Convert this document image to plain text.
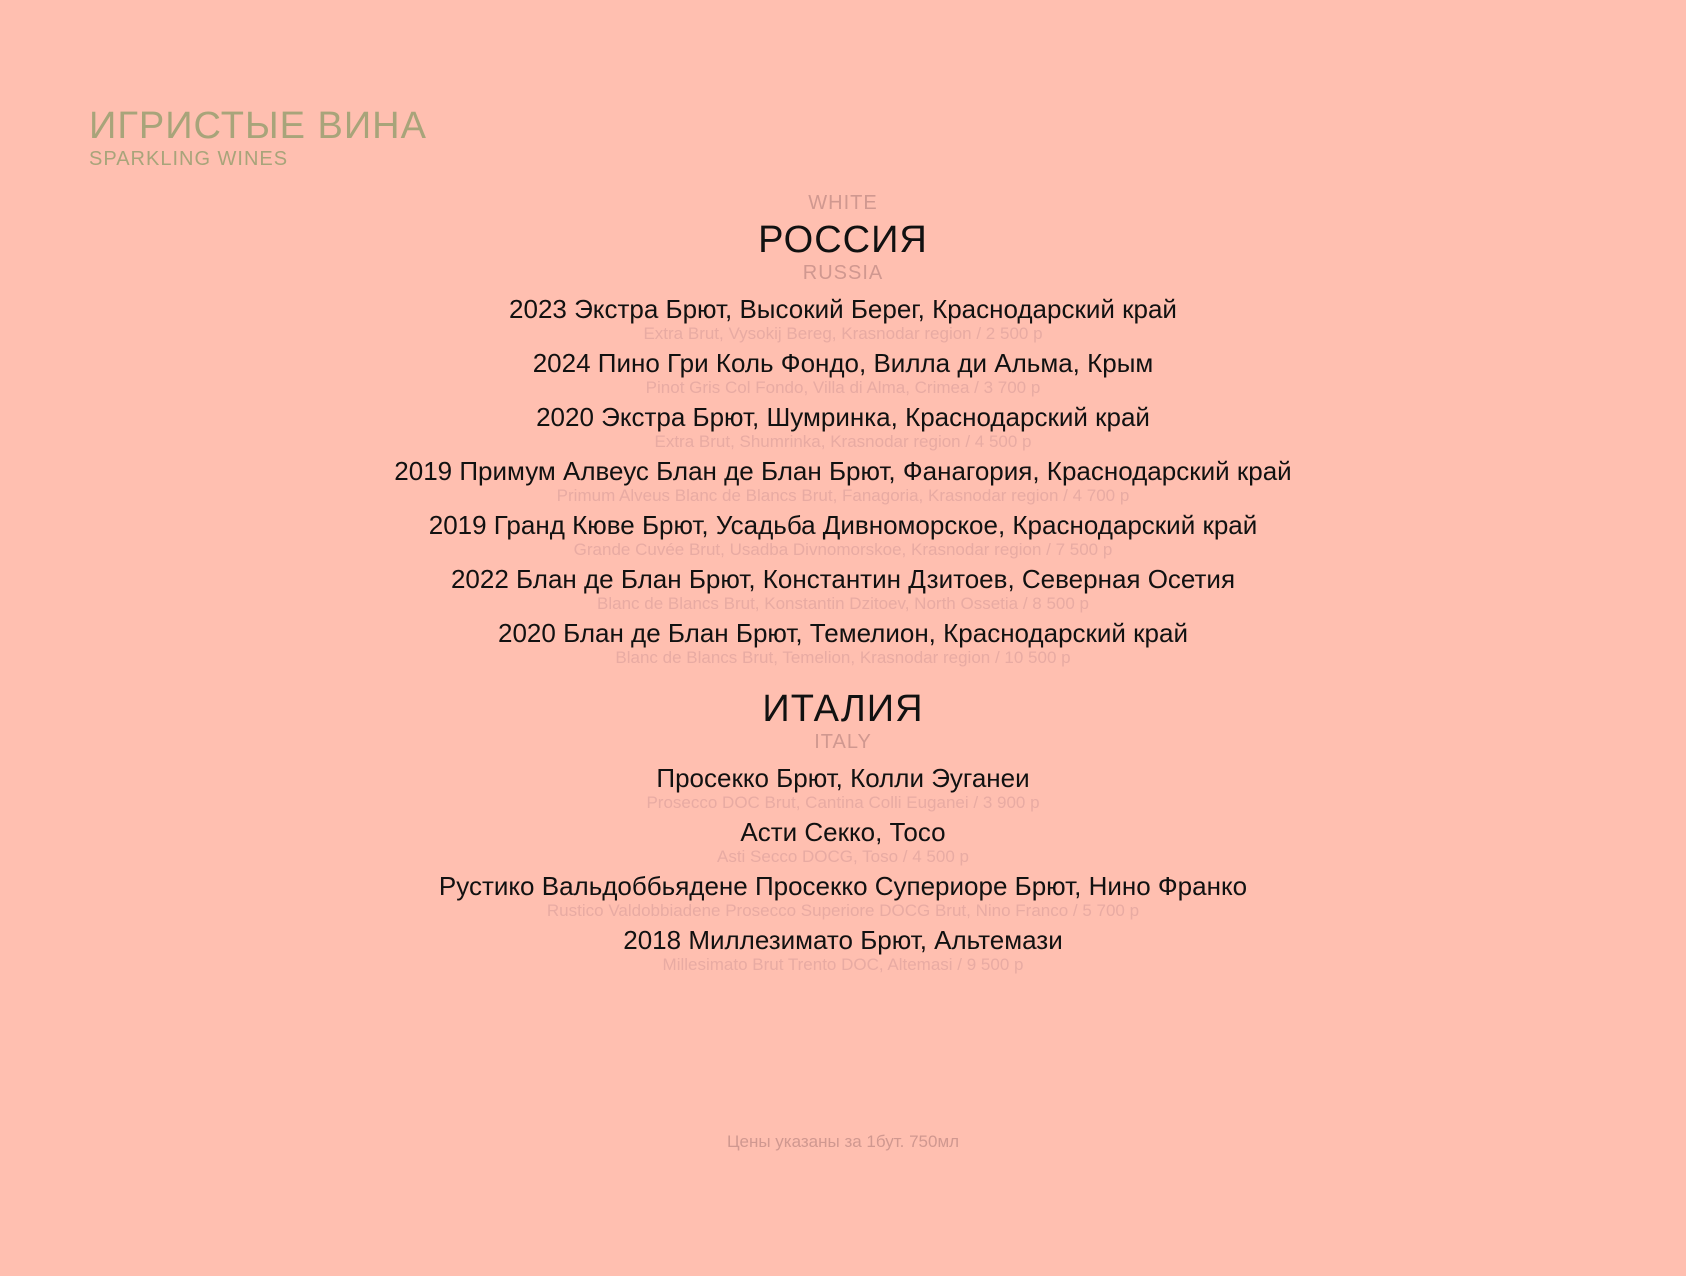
ИГРИСТЫЕ ВИНА
SPARKLING WINES
WHITE
РОССИЯ
RUSSIA
2023 Экстра Брют, Высокий Берег, Краснодарский край
Extra Brut, Vysokij Bereg, Krasnodar region / 2 500 р
2024 Пино Гри Коль Фондо, Вилла ди Альма, Крым
Pinot Gris Col Fondo, Villa di Alma, Crimea / 3 700 р
2020 Экстра Брют, Шумринка, Краснодарский край
Extra Brut, Shumrinka, Krasnodar region / 4 500 р
2019 Примум Алвеус Блан де Блан Брют, Фанагория, Краснодарский край
Primum Alveus Blanc de Blancs Brut, Fanagoria, Krasnodar region / 4 700 р
2019 Гранд Кюве Брют, Усадьба Дивноморское, Краснодарский край
Grande Cuvée Brut, Usadba Divnomorskoe, Krasnodar region / 7 500 р
2022 Блан де Блан Брют, Константин Дзитоев, Северная Осетия
Blanc de Blancs Brut, Konstantin Dzitoev, North Ossetia / 8 500 р
2020 Блан де Блан Брют, Темелион, Краснодарский край
Blanc de Blancs Brut, Temelion, Krasnodar region / 10 500 р
ИТАЛИЯ
ITALY
Просекко Брют, Колли Эуганеи
Prosecco DOC Brut, Cantina Colli Euganei / 3 900 р
Асти Секко, Тосо
Asti Secco DOCG, Toso / 4 500 р
Рустико Вальдоббьядене Просекко Супериоре Брют, Нино Франко
Rustico Valdobbiadene Prosecco Superiore DOCG Brut, Nino Franco / 5 700 р
2018 Миллезимато Брют, Альтемази
Millesimato Brut Trento DOC, Altemasi / 9 500 р
Цены указаны за 1бут. 750мл
